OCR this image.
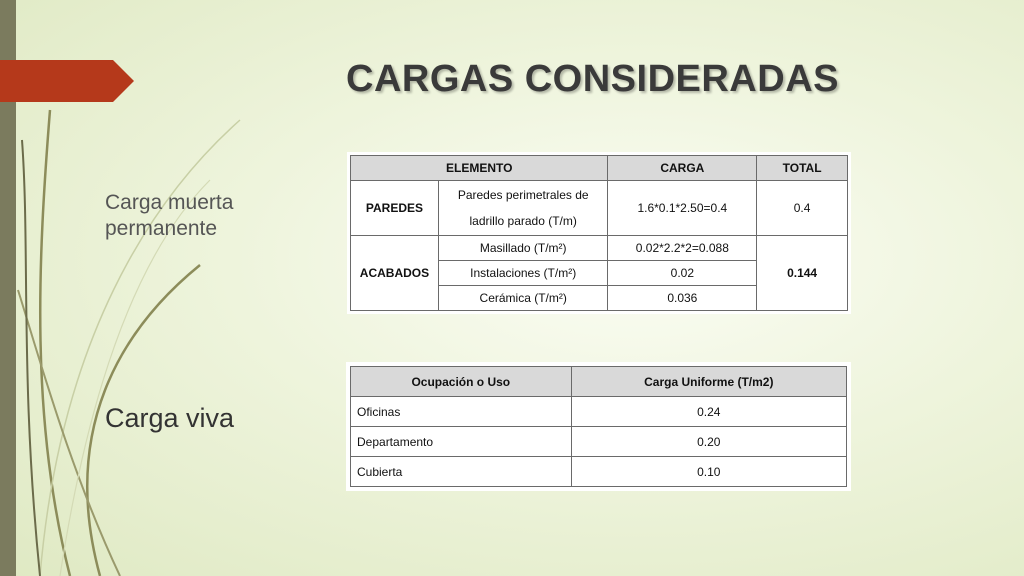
CARGAS CONSIDERADAS
Carga muerta permanente
Carga viva
ELEMENTO		CARGA	TOTAL
PAREDES	Paredes perimetrales de ladrillo parado (T/m)	1.6*0.1*2.50=0.4	0.4
ACABADOS	Masillado (T/m²)	0.02*2.2*2=0.088	0.144
	Instalaciones (T/m²)	0.02	
	Cerámica (T/m²)	0.036	
Ocupación o Uso	Carga Uniforme (T/m2)
Oficinas	0.24
Departamento	0.20
Cubierta	0.10
